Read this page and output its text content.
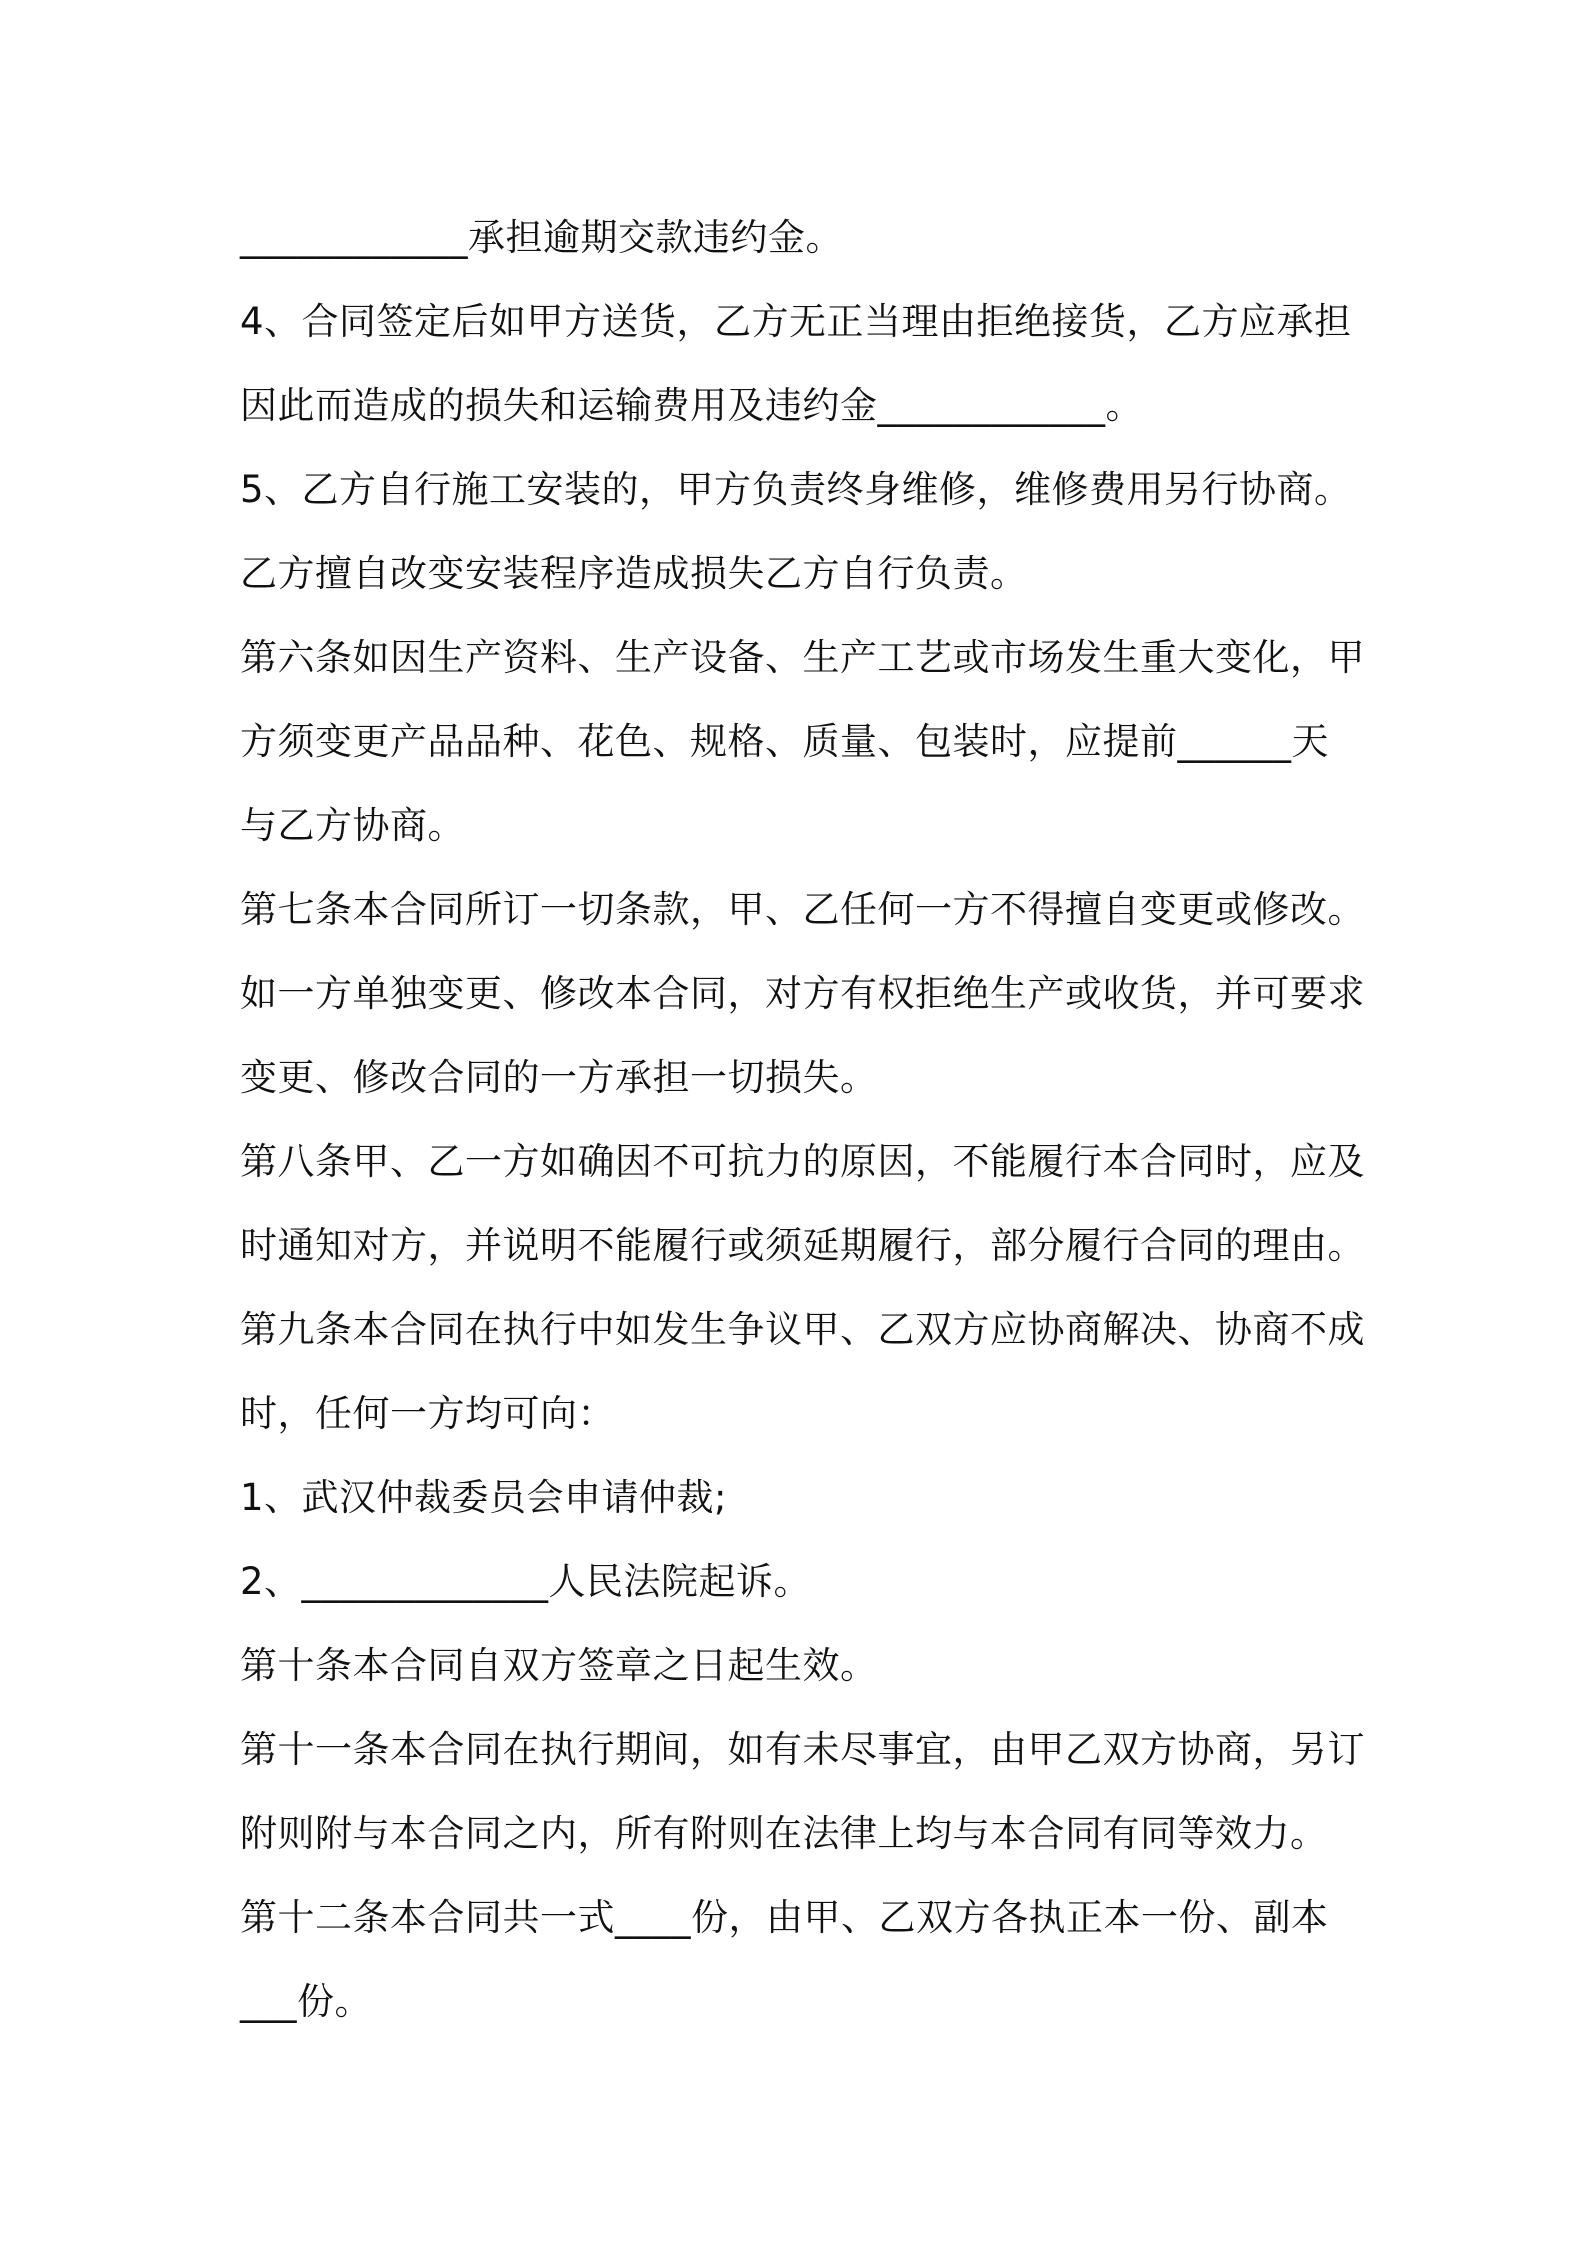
____________承担逾期交款违约金。
4、合同签定后如甲方送货，乙方无正当理由拒绝接货，乙方应承担
因此而造成的损失和运输费用及违约金____________。
5、乙方自行施工安装的，甲方负责终身维修，维修费用另行协商。
乙方擅自改变安装程序造成损失乙方自行负责。
第六条如因生产资料、生产设备、生产工艺或市场发生重大变化，甲
方须变更产品品种、花色、规格、质量、包装时，应提前______天
与乙方协商。
第七条本合同所订一切条款，甲、乙任何一方不得擅自变更或修改。
如一方单独变更、修改本合同，对方有权拒绝生产或收货，并可要求
变更、修改合同的一方承担一切损失。
第八条甲、乙一方如确因不可抗力的原因，不能履行本合同时，应及
时通知对方，并说明不能履行或须延期履行，部分履行合同的理由。
第九条本合同在执行中如发生争议甲、乙双方应协商解决、协商不成
时，任何一方均可向：
1、武汉仲裁委员会申请仲裁;
2、_____________人民法院起诉。
第十条本合同自双方签章之日起生效。
第十一条本合同在执行期间，如有未尽事宜，由甲乙双方协商，另订
附则附与本合同之内，所有附则在法律上均与本合同有同等效力。
第十二条本合同共一式____份，由甲、乙双方各执正本一份、副本
___份。
